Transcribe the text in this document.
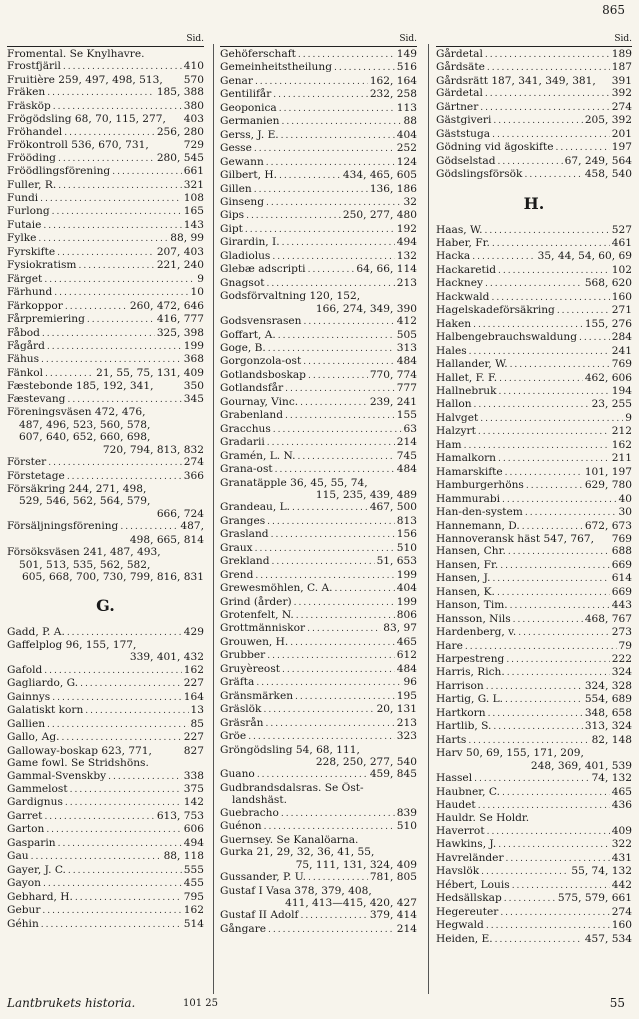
865
Sid.
Fromental. Se Knylhavre.
Frostfjäril .....	410
Fruitière 259, 497, 498, 513, 570
Fräken .....	185, 388
Fräsköp .....	380
Frögödsling 68, 70, 115, 277, 403
Fröhandel .....	256, 280
Frökontroll 536, 670, 731,	729
Frööding .....	280, 545
Fröödlingsförening .....	661
Fuller, R. .....	321
Fundi .....	108
Furlong .....	165
Futaie .....	143
Fylke .....	88, 99
Fyrskifte .....	207, 403
Fysiokratism .....	221, 240
Färget .....	9
Färhund .....	10
Färkoppor .....	260, 472, 646
Fårpremiering .....	416, 777
Fåbod .....	325, 398
Fågård .....	199
Fähus .....	368
Fänkol .....	21, 55, 75, 131, 409
Fæstebonde 185, 192, 341,	350
Fæstevang .....	345
Föreningsväsen 472, 476,
487, 496, 523, 560, 578,
607, 640, 652, 660, 698,
720, 794, 813, 832
Förster .....	274
Förstetage .....	366
Försäkring 244, 271, 498,
529, 546, 562, 564, 579,
666, 724
Försäljningsförening .....	487,
498, 665, 814
Försöksväsen 241, 487, 493,
501, 513, 535, 562, 582,
605, 668, 700, 730, 799, 816, 831
G.
Gadd, P. A. .....	429
Gaffelplog 96, 155, 177,
339, 401, 432
Gafold .....	162
Gagliardo, G. .....	227
Gainnys .....	164
Galatiskt korn .....	13
Gallien .....	85
Gallo, Ag. .....	227
Galloway-boskap 623, 771,	827
Game fowl. Se Stridshöns.
Gammal-Svenskby .....	338
Gammelost .....	375
Gardignus .....	142
Garret .....	613, 753
Garton .....	606
Gasparin .....	494
Gau .....	88, 118
Gayer, J. C. .....	555
Gayon .....	455
Gebhard, H. .....	795
Gebur .....	162
Géhin .....	514
Sid.
Gehöferschaft .....	149
Gemeinheitstheilung .....	516
Genar .....	162, 164
Gentilifår .....	232, 258
Geoponica .....	113
Germanien .....	88
Gerss, J. E. .....	404
Gesse .....	252
Gewann .....	124
Gilbert, H. .....	434, 465, 605
Gillen .....	136, 186
Ginseng .....	32
Gips .....	250, 277, 480
Gipt .....	192
Girardin, I. .....	494
Gladiolus .....	132
Glebæ adscripti .....	64, 66, 114
Gnagsot .....	213
Godsförvaltning 120, 152,
166, 274, 349, 390
Godsvensrasen .....	412
Goffart, A. .....	505
Goge, B. .....	313
Gorgonzola-ost .....	484
Gotlandsboskap .....	770, 774
Gotlandsfår .....	777
Gournay, Vinc. .....	239, 241
Grabenland .....	155
Gracchus .....	63
Gradarii .....	214
Gramén, L. N. .....	745
Grana-ost .....	484
Granatäpple 36, 45, 55, 74,
115, 235, 439, 489
Grandeau, L. .....	467, 500
Granges .....	813
Grasland .....	156
Graux .....	510
Grekland .....	51, 653
Grend .....	199
Grewesmöhlen, C. A. .....	404
Grind (årder) .....	199
Grotenfelt, N. .....	806
Grottmänniskor .....	83, 97
Grouwen, H. .....	465
Grubber .....	612
Gruyèreost .....	484
Gräfta .....	96
Gränsmärken .....	195
Gräslök .....	20, 131
Gräsrån .....	213
Gröe .....	323
Gröngödsling 54, 68, 111,
228, 250, 277, 540
Guano .....	459, 845
Gudbrandsdalsras. Se Öst-
landshäst.
Guebracho .....	839
Guénon .....	510
Guernsey. Se Kanalöarna.
Gurka 21, 29, 32, 36, 41, 55,
75, 111, 131, 324, 409
Gussander, P. U. .....	781, 805
Gustaf I Vasa 378, 379, 408,
411, 413—415, 420, 427
Gustaf II Adolf .....	379, 414
Gångare .....	214
Sid.
Gårdetal .....	189
Gårdsäte .....	187
Gårdsrätt 187, 341, 349, 381, 391
Gärdetal .....	392
Gärtner .....	274
Gästgiveri .....	205, 392
Gäststuga .....	201
Gödning vid ägoskifte .....	197
Gödselstad .....	67, 249, 564
Gödslingsförsök .....	458, 540
H.
Haas, W. .....	527
Haber, Fr. .....	461
Hacka .....	35, 44, 54, 60, 69
Hackaretid .....	102
Hackney .....	568, 620
Hackwald .....	160
Hagelskadeförsäkring .....	271
Haken .....	155, 276
Halbengebrauchswaldung .....	284
Hales .....	241
Hallander, W. .....	769
Hallet, F. F. .....	462, 606
Hallnebruk .....	194
Hallon .....	23, 255
Halvget .....	9
Halzyrt .....	212
Ham .....	162
Hamalkorn .....	211
Hamarskifte .....	101, 197
Hamburgerhöns .....	629, 780
Hammurabi .....	40
Han-den-system .....	30
Hannemann, D. .....	672, 673
Hannoveransk häst 547, 767, 769
Hansen, Chr. .....	688
Hansen, Fr. .....	669
Hansen, J. .....	614
Hansen, K. .....	669
Hanson, Tim. .....	443
Hansson, Nils .....	468, 767
Hardenberg, v. .....	273
Hare .....	79
Harpestreng .....	222
Harris, Rich. .....	324
Harrison .....	324, 328
Hartig, G. L. .....	554, 689
Hartkorn .....	348, 658
Hartlib, S. .....	313, 324
Harts .....	82, 148
Harv 50, 69, 155, 171, 209,
248, 369, 401, 539
Hassel .....	74, 132
Haubner, C. .....	465
Haudet .....	436
Hauldr. Se Holdr.
Haverrot .....	409
Hawkins, J. .....	322
Havreländer .....	431
Havslök .....	55, 74, 132
Hébert, Louis .....	442
Hedsällskap .....	575, 579, 661
Hegereuter .....	274
Hegwald .....	160
Heiden, E. .....	457, 534
Lantbrukets historia.	101 25	55
